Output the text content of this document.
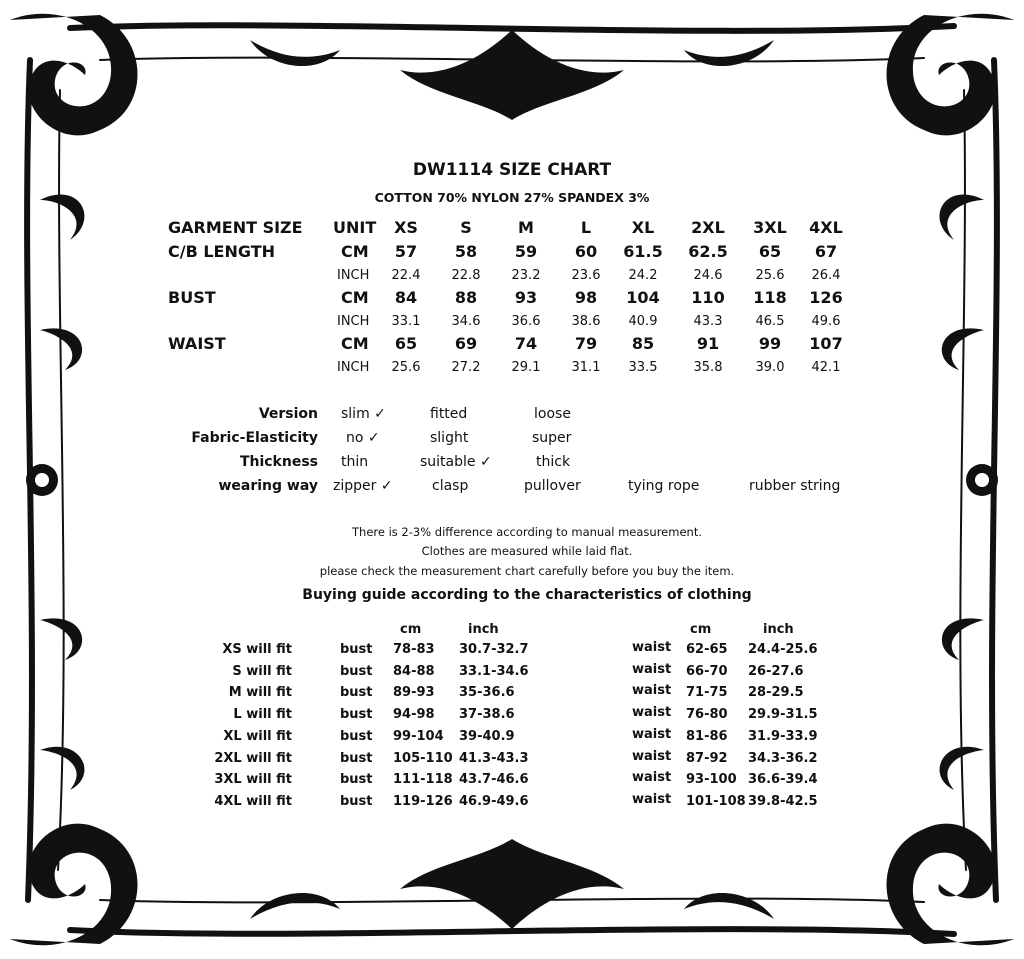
DW1114 SIZE CHART
COTTON 70% NYLON 27% SPANDEX 3%
GARMENT SIZE UNIT	XS	S	M	L	XL	2XL	3XL	4XL
C/B LENGTH	CM	57	58	59	60	61.5	62.5	65	67
INCH	22.4	22.8	23.2	23.6	24.2	24.6	25.6	26.4
BUST	CM	84	88	93	98	104	110	118	126
INCH	33.1	34.6	36.6	38.6	40.9	43.3	46.5	49.6
WAIST	CM	65	69	74	79	85	91	99	107
INCH	25.6	27.2	29.1	31.1	33.5	35.8	39.0	42.1
Version slim ✓	fitted	loose
Fabric-Elasticity no ✓	slight	super
Thickness thin	suitable ✓	thick
wearing way zipper ✓	clasp	pullover	tying rope	rubber string
There is 2-3% difference according to manual measurement.
Clothes are measured while laid flat.
please check the measurement chart carefully before you buy the item.
Buying guide according to the characteristics of clothing
cm	inch	cm	inch
XS will fit	bust 78-83 30.7-32.7	waist 62-65 24.4-25.6
S will fit	bust 84-88 33.1-34.6	waist 66-70 26-27.6
M will fit	bust 89-93 35-36.6	waist 71-75 28-29.5
L will fit	bust 94-98 37-38.6	waist 76-80 29.9-31.5
XL will fit	bust 99-104 39-40.9	waist 81-86 31.9-33.9
2XL will fit	bust 105-110 41.3-43.3	waist 87-92 34.3-36.2
3XL will fit	bust 111-118 43.7-46.6	waist 93-100 36.6-39.4
4XL will fit	bust 119-126 46.9-49.6	waist 101-108 39.8-42.5
